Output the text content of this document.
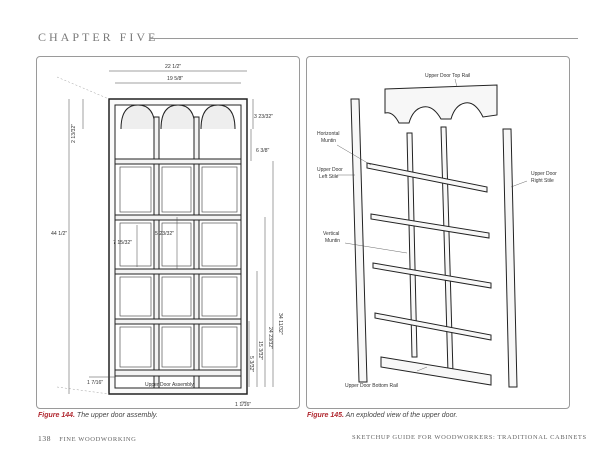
CHAPTER FIVE
22 1/2"
19 5/8"
3 23/32"
2 13/32"
6 3/8"
44 1/2"
7 15/32"
5 23/32"
34 11/32"
24 23/32"
15 3/32"
5 3/32"
1 7/16"
1 1/16"
Upper Door Assembly
Upper Door Top Rail
Horizontal
Muntin
Upper Door
Left Stile	Upper Door
Right Stile
Vertical
Muntin
Upper Door Bottom Rail
Figure 144. The upper door assembly.	Figure 145. An exploded view of the upper door.
138 FINE WOODWORKING	SKETCHUP GUIDE FOR WOODWORKERS: TRADITIONAL CABINETS
